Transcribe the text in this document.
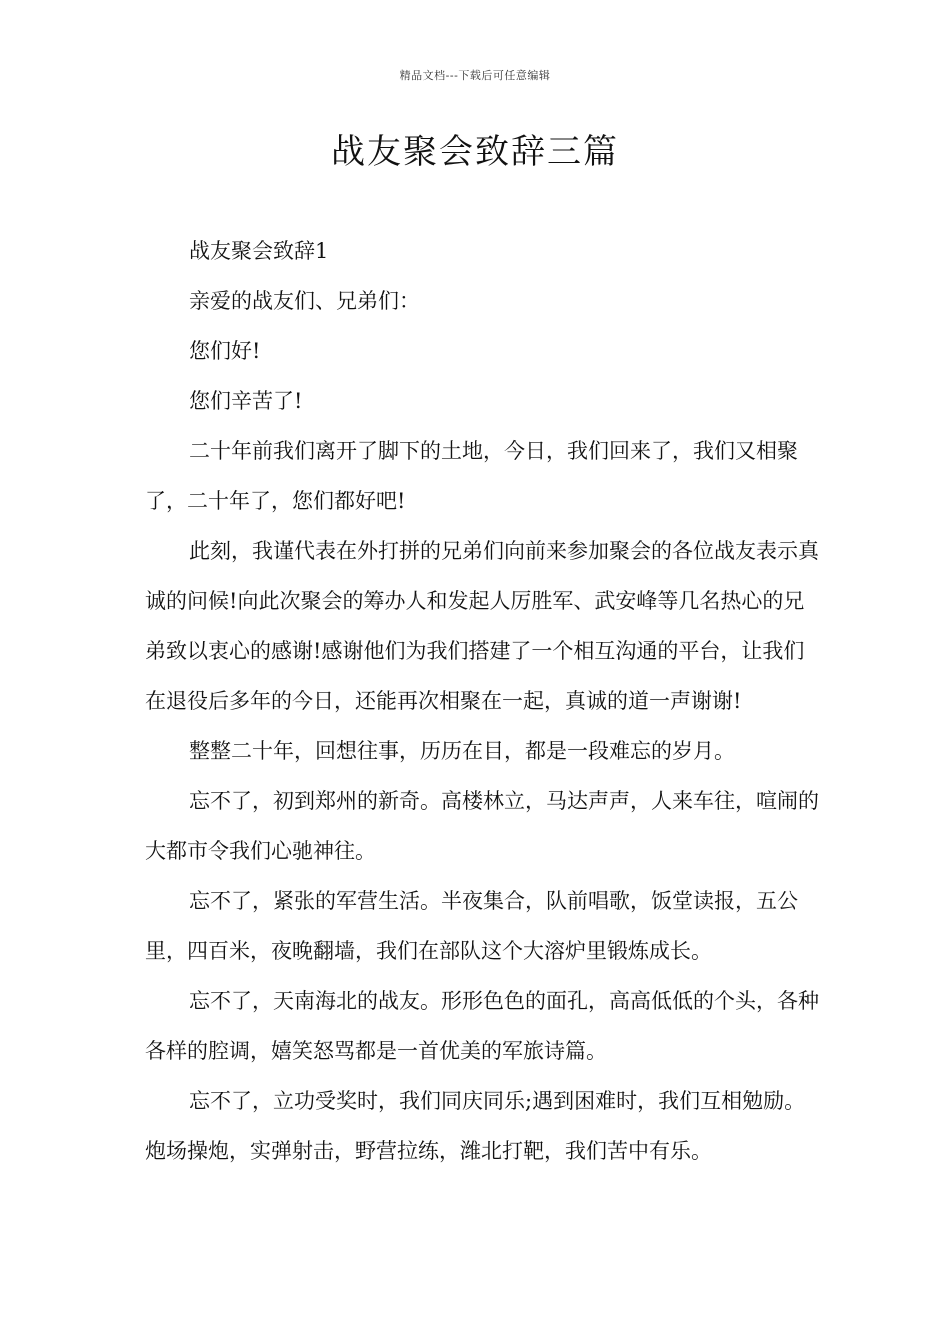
精品文档---下载后可任意编辑
战友聚会致辞三篇

战友聚会致辞1

亲爱的战友们、兄弟们：

您们好!

您们辛苦了!

二十年前我们离开了脚下的土地，今日，我们回来了，我们又相聚了，二十年了，您们都好吧!

此刻，我谨代表在外打拼的兄弟们向前来参加聚会的各位战友表示真诚的问候!向此次聚会的筹办人和发起人厉胜军、武安峰等几名热心的兄弟致以衷心的感谢!感谢他们为我们搭建了一个相互沟通的平台，让我们在退役后多年的今日，还能再次相聚在一起，真诚的道一声谢谢!

整整二十年，回想往事，历历在目，都是一段难忘的岁月。

忘不了，初到郑州的新奇。高楼林立，马达声声，人来车往，喧闹的大都市令我们心驰神往。

忘不了，紧张的军营生活。半夜集合，队前唱歌，饭堂读报，五公里，四百米，夜晚翻墙，我们在部队这个大溶炉里锻炼成长。

忘不了，天南海北的战友。形形色色的面孔，高高低低的个头，各种各样的腔调，嬉笑怒骂都是一首优美的军旅诗篇。

忘不了，立功受奖时，我们同庆同乐;遇到困难时，我们互相勉励。炮场操炮，实弹射击，野营拉练，潍北打靶，我们苦中有乐。
